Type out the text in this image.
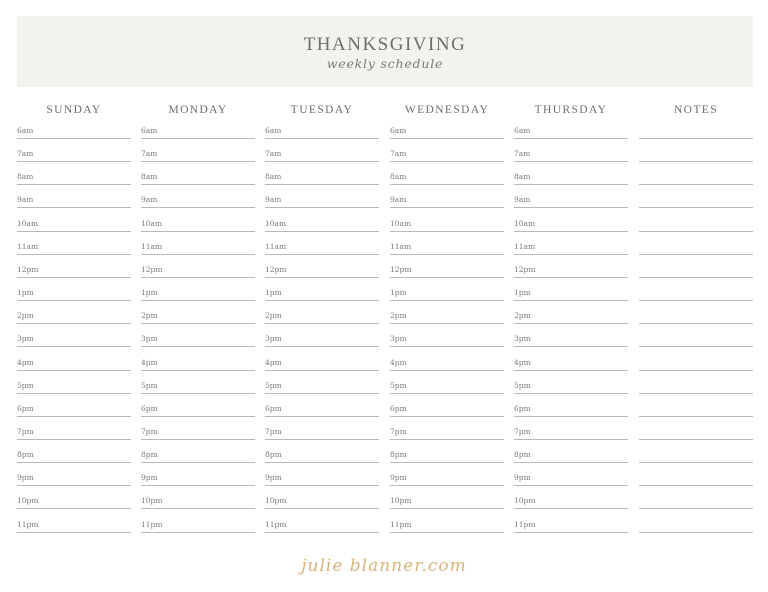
THANKSGIVING
weekly schedule
SUNDAY
6am
7am
8am
9am
10am
11am
12pm
1pm
2pm
3pm
4pm
5pm
6pm
7pm
8pm
9pm
10pm
11pm
MONDAY
6am
7am
8am
9am
10am
11am
12pm
1pm
2pm
3pm
4pm
5pm
6pm
7pm
8pm
9pm
10pm
11pm
TUESDAY
6am
7am
8am
9am
10am
11am
12pm
1pm
2pm
3pm
4pm
5pm
6pm
7pm
8pm
9pm
10pm
11pm
WEDNESDAY
6am
7am
8am
9am
10am
11am
12pm
1pm
2pm
3pm
4pm
5pm
6pm
7pm
8pm
9pm
10pm
11pm
THURSDAY
6am
7am
8am
9am
10am
11am
12pm
1pm
2pm
3pm
4pm
5pm
6pm
7pm
8pm
9pm
10pm
11pm
NOTES
julie blanner.com
